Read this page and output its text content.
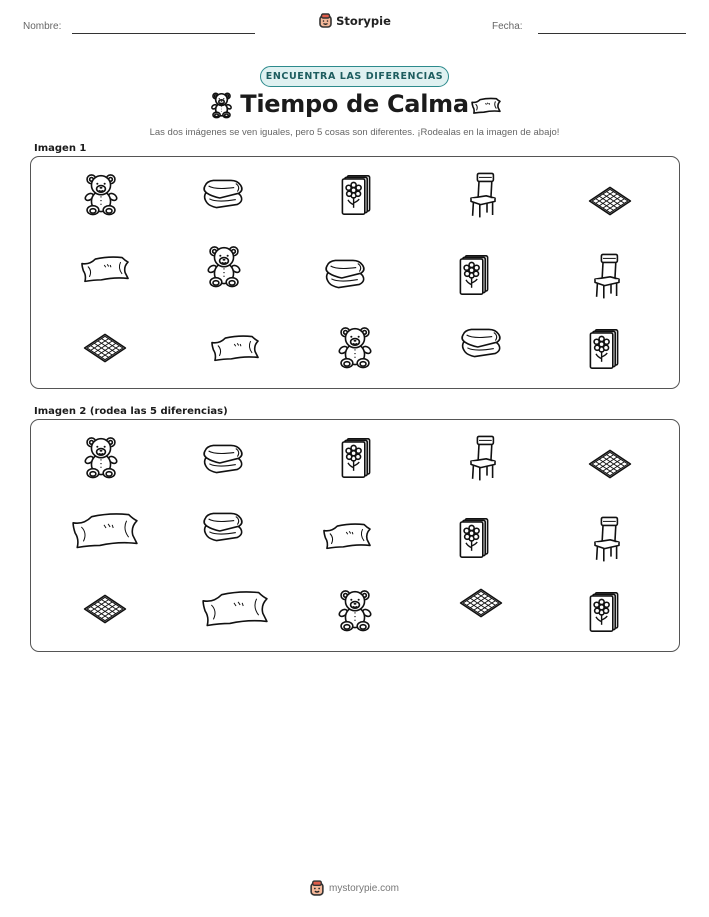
Nombre:	Storypie	Fecha:
ENCUENTRA LAS DIFERENCIAS
Tiempo de Calma
Las dos imágenes se ven iguales, pero 5 cosas son diferentes. ¡Rodealas en la imagen de abajo!
Imagen 1
Imagen 2 (rodea las 5 diferencias)
mystorypie.com
